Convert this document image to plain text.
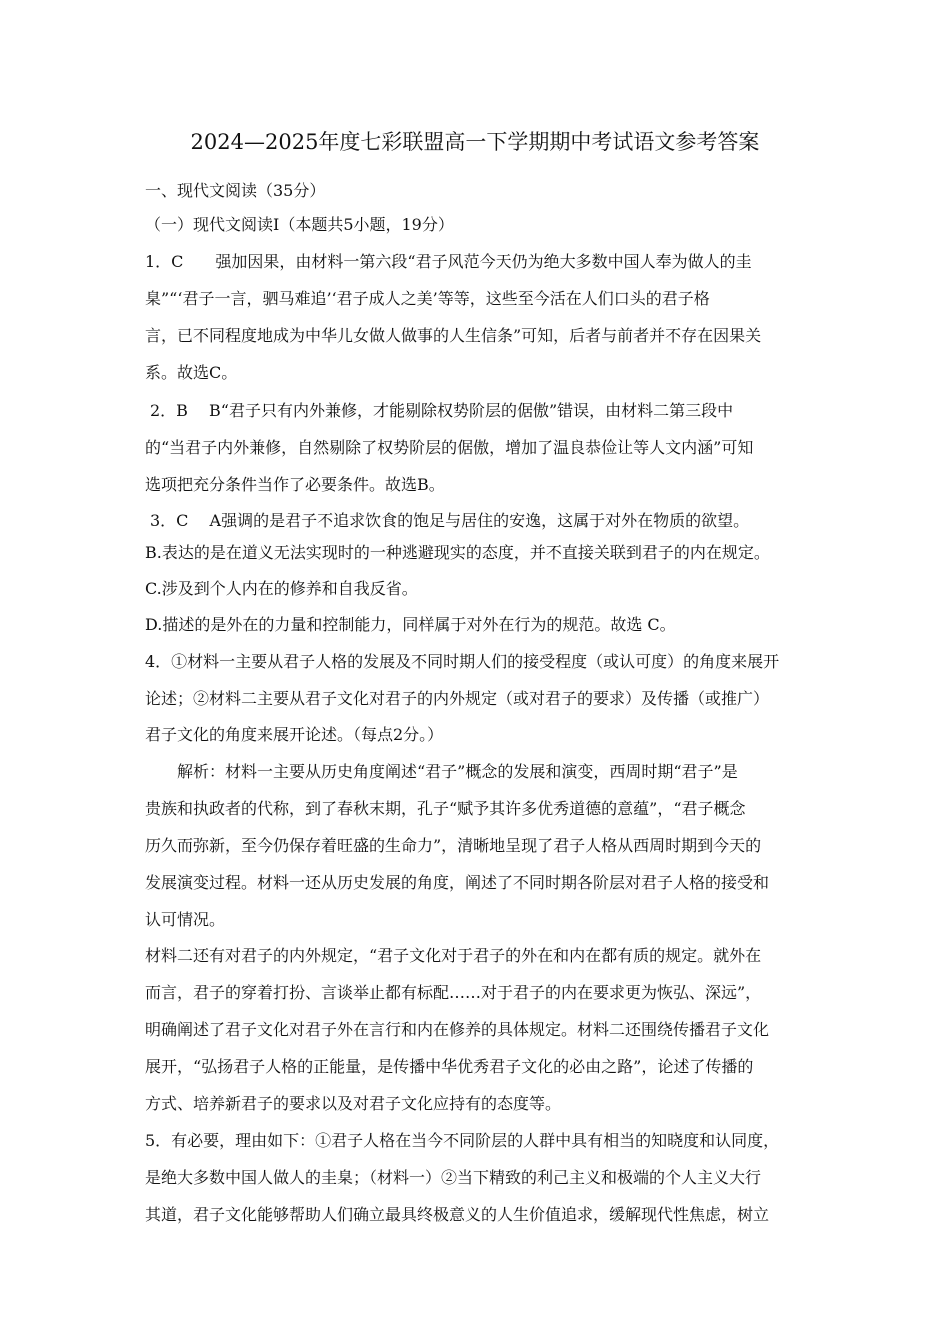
2024—2025年度七彩联盟高一下学期期中考试语文参考答案
一、现代文阅读（35分）
（一）现代文阅读Ⅰ（本题共5小题，19分）
1．C　　强加因果，由材料一第六段“君子风范今天仍为绝大多数中国人奉为做人的圭
臬”“‘君子一言，驷马难追’‘君子成人之美’等等，这些至今活在人们口头的君子格
言，已不同程度地成为中华儿女做人做事的人生信条”可知，后者与前者并不存在因果关
系。故选C。
2．B　 B“君子只有内外兼修，才能剔除权势阶层的倨傲”错误，由材料二第三段中
的“当君子内外兼修，自然剔除了权势阶层的倨傲，增加了温良恭俭让等人文内涵”可知
选项把充分条件当作了必要条件。故选B。
3．C　 A强调的是君子不追求饮食的饱足与居住的安逸，这属于对外在物质的欲望。
B.表达的是在道义无法实现时的一种逃避现实的态度，并不直接关联到君子的内在规定。
C.涉及到个人内在的修养和自我反省。
D.描述的是外在的力量和控制能力，同样属于对外在行为的规范。故选 C。
4．①材料一主要从君子人格的发展及不同时期人们的接受程度（或认可度）的角度来展开
论述；②材料二主要从君子文化对君子的内外规定（或对君子的要求）及传播（或推广）
君子文化的角度来展开论述。（每点2分。）
解析：材料一主要从历史角度阐述“君子”概念的发展和演变，西周时期“君子”是
贵族和执政者的代称，到了春秋末期，孔子“赋予其许多优秀道德的意蕴”，“君子概念
历久而弥新，至今仍保存着旺盛的生命力”，清晰地呈现了君子人格从西周时期到今天的
发展演变过程。材料一还从历史发展的角度，阐述了不同时期各阶层对君子人格的接受和
认可情况。
材料二还有对君子的内外规定，“君子文化对于君子的外在和内在都有质的规定。就外在
而言，君子的穿着打扮、言谈举止都有标配……对于君子的内在要求更为恢弘、深远”，
明确阐述了君子文化对君子外在言行和内在修养的具体规定。材料二还围绕传播君子文化
展开，“弘扬君子人格的正能量，是传播中华优秀君子文化的必由之路”，论述了传播的
方式、培养新君子的要求以及对君子文化应持有的态度等。
5．有必要，理由如下：①君子人格在当今不同阶层的人群中具有相当的知晓度和认同度，
是绝大多数中国人做人的圭臬；（材料一）②当下精致的利己主义和极端的个人主义大行
其道，君子文化能够帮助人们确立最具终极意义的人生价值追求，缓解现代性焦虑，树立
